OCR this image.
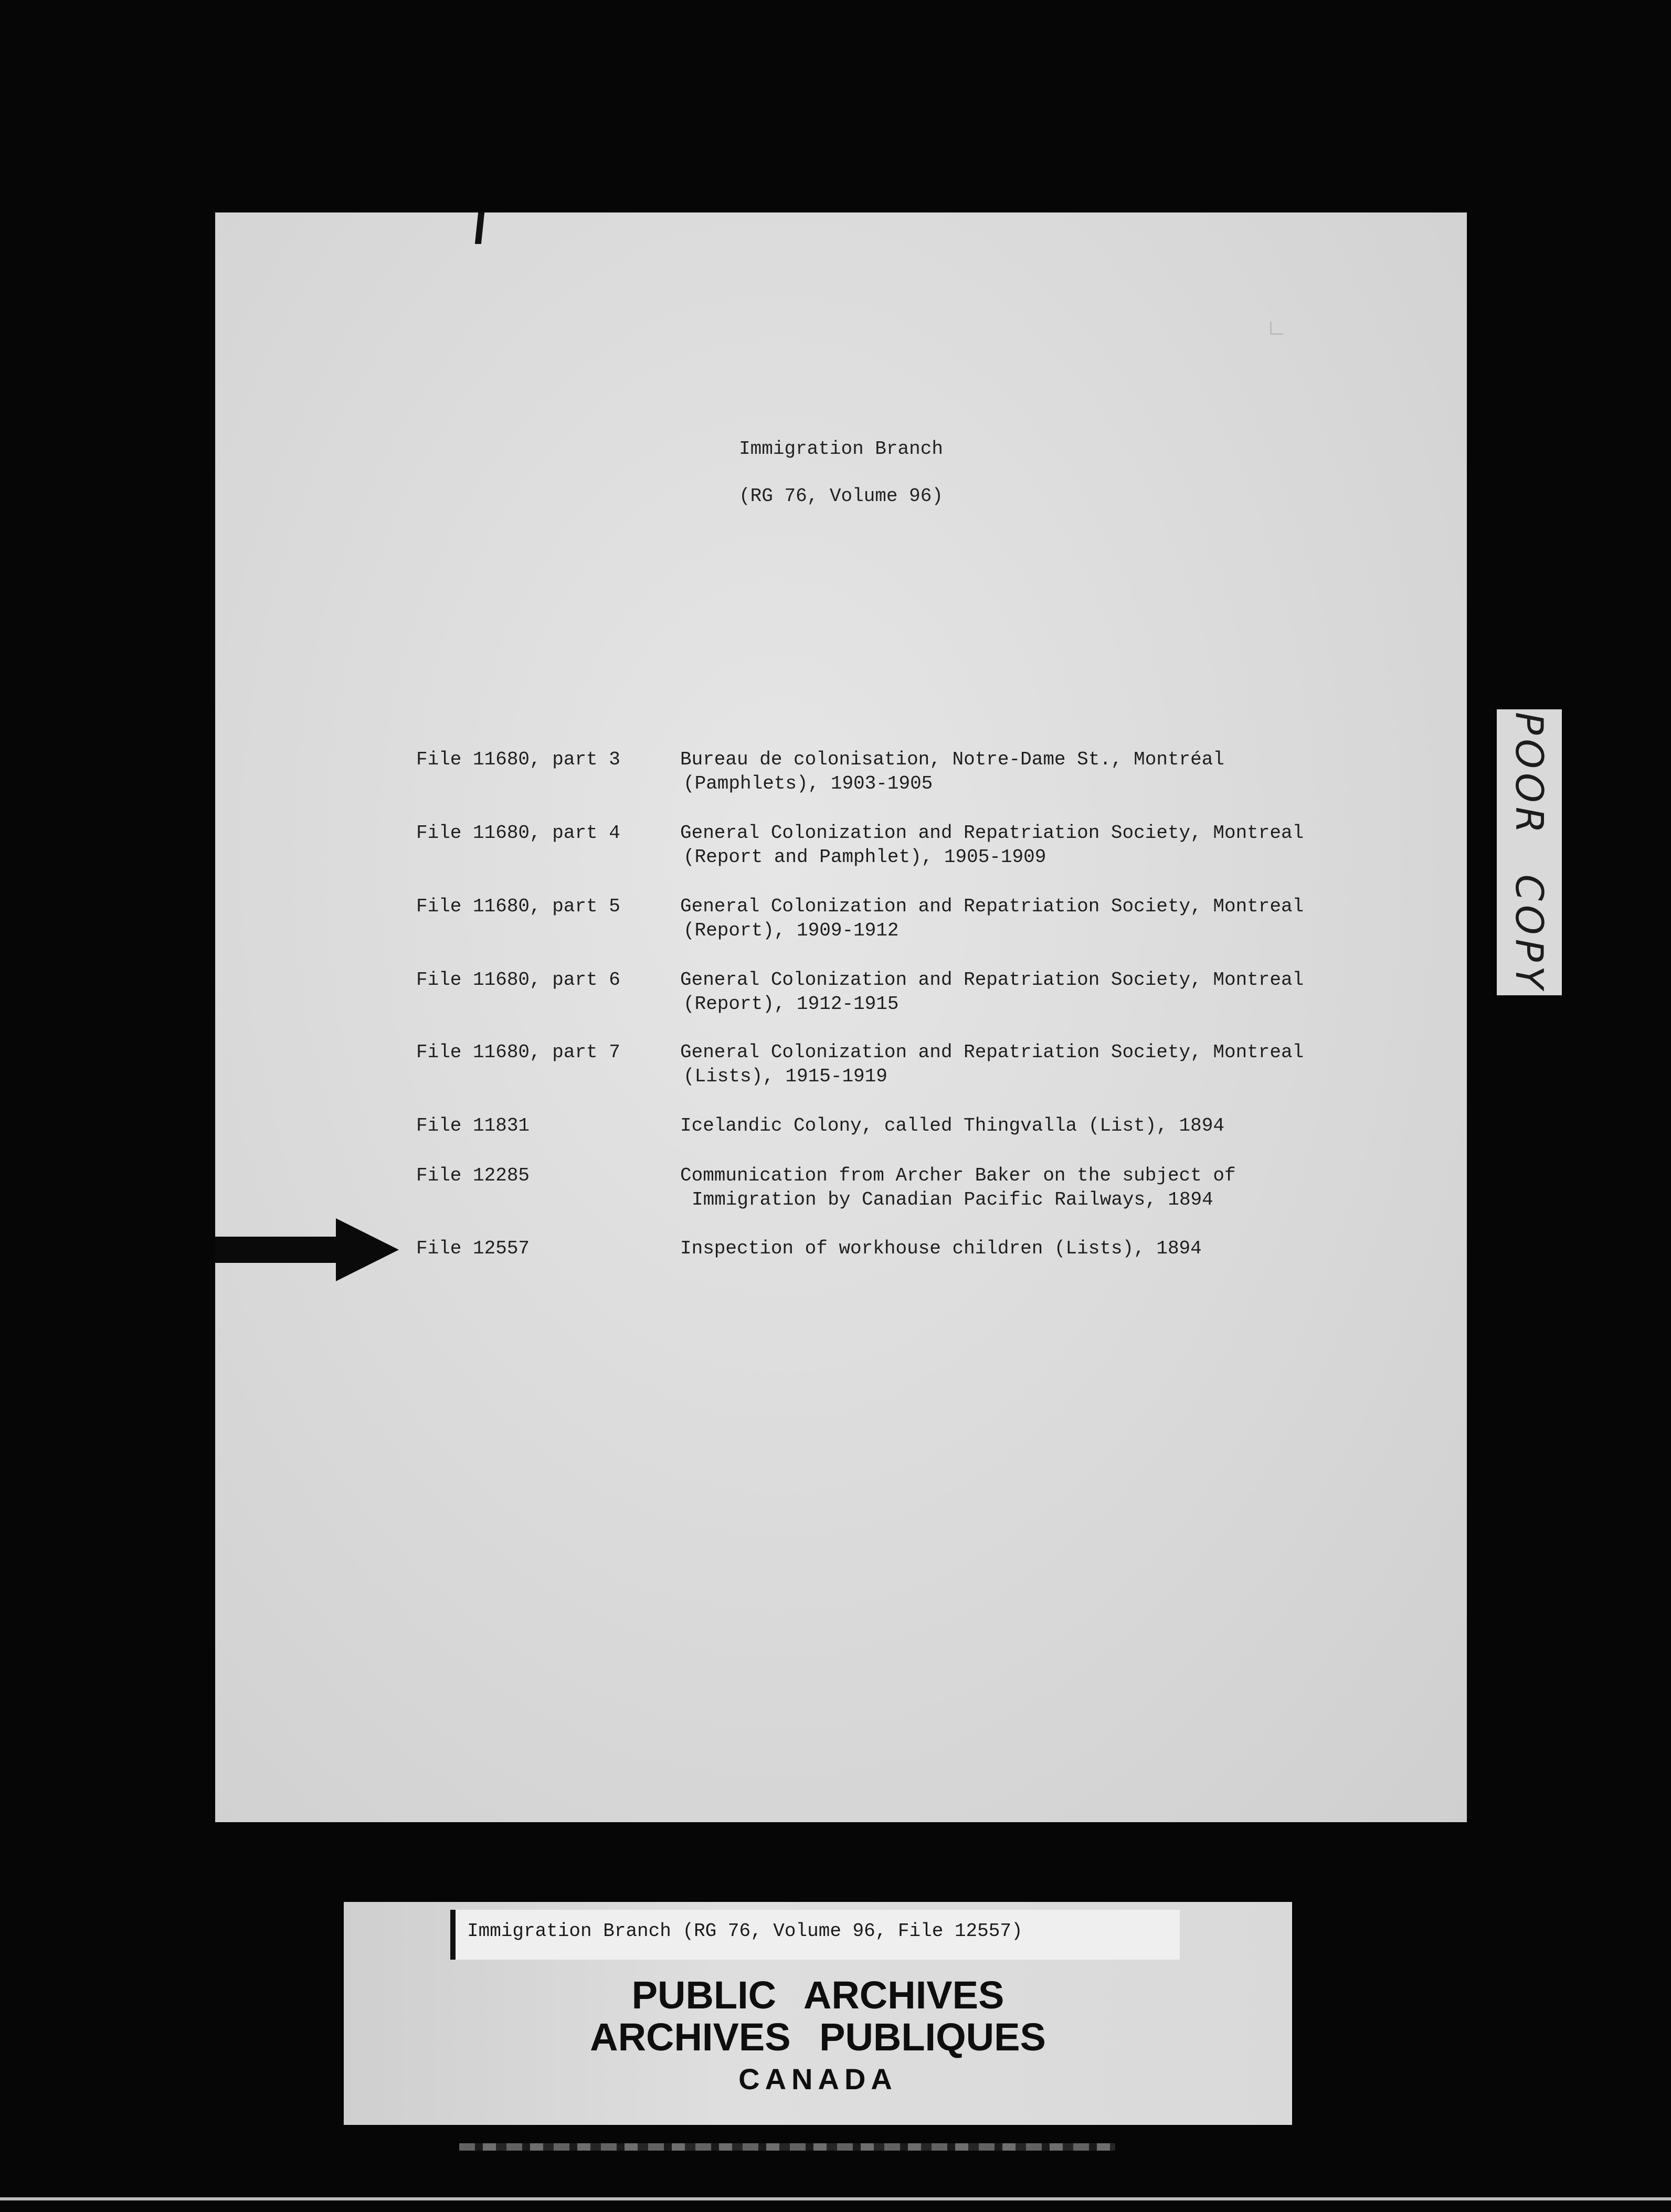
Immigration Branch
(RG 76, Volume 96)
File 11680, part 3	Bureau de colonisation, Notre-Dame St., Montréal
(Pamphlets), 1903-1905
File 11680, part 4	General Colonization and Repatriation Society, Montreal
(Report and Pamphlet), 1905-1909
File 11680, part 5	General Colonization and Repatriation Society, Montreal
(Report), 1909-1912
File 11680, part 6	General Colonization and Repatriation Society, Montreal
(Report), 1912-1915
File 11680, part 7	General Colonization and Repatriation Society, Montreal
(Lists), 1915-1919
File 11831	Icelandic Colony, called Thingvalla (List), 1894
File 12285	Communication from Archer Baker on the subject of
Immigration by Canadian Pacific Railways, 1894
File 12557	Inspection of workhouse children (Lists), 1894
POOR COPY
Immigration Branch (RG 76, Volume 96, File 12557)
PUBLIC ARCHIVES
ARCHIVES PUBLIQUES
CANADA
